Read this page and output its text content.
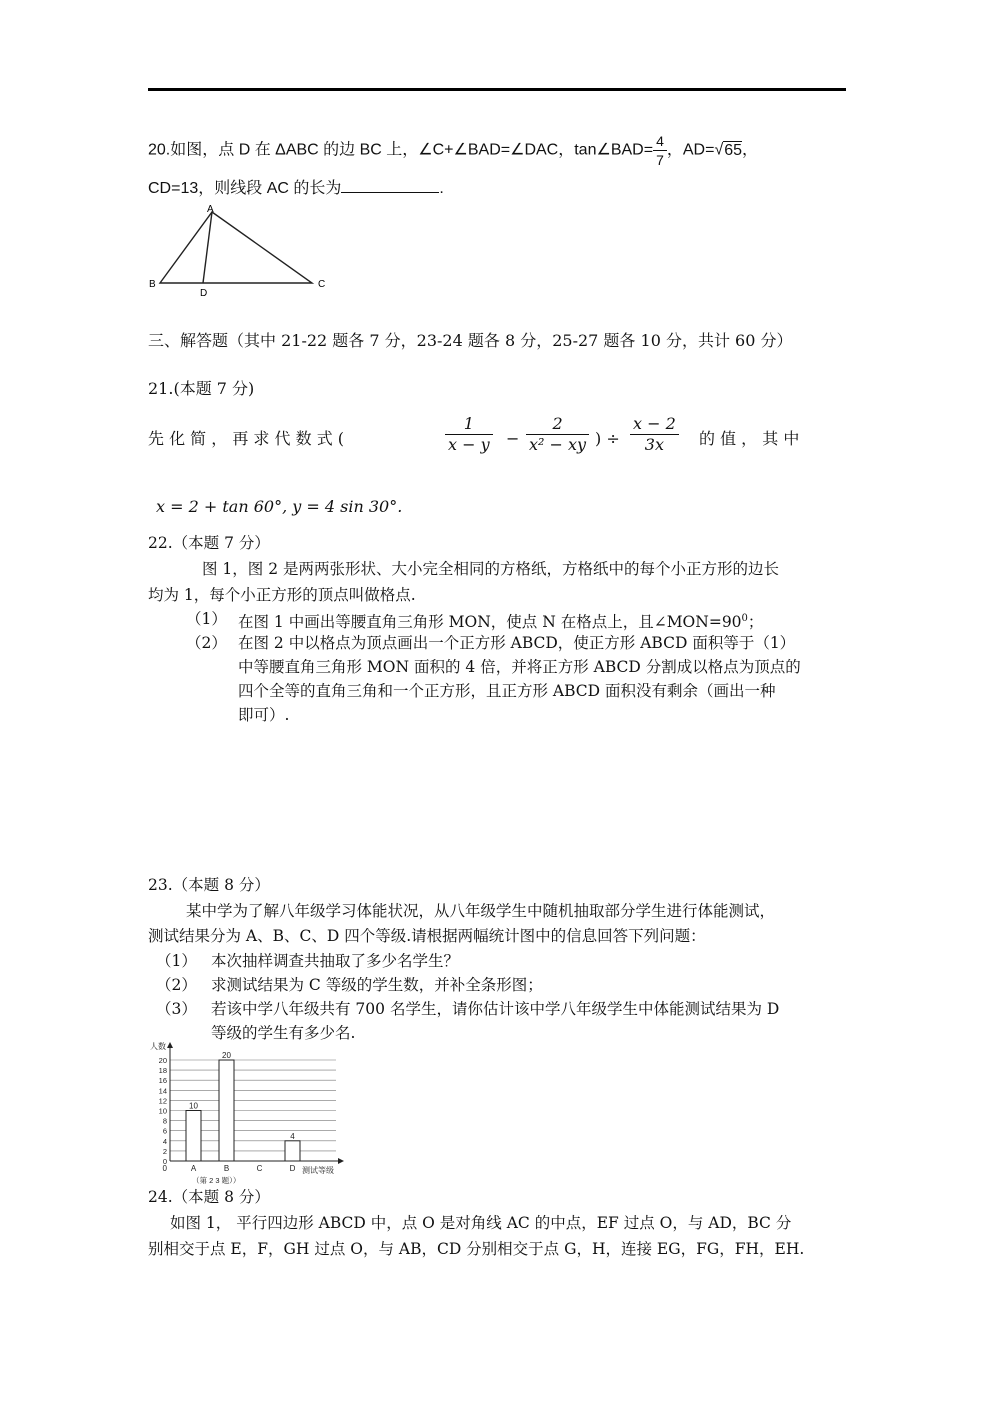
20.如图，点 D 在 ΔABC 的边 BC 上，∠C+∠BAD=∠DAC，tan∠BAD= $\frac{4}{7}$ ，AD=√65，
CD=13，则线段 AC 的长为	.
A
B	C
D
三、解答题（其中 21-22 题各 7 分，23-24 题各 8 分，25-27 题各 10 分，共计 60 分）
21.(本题 7 分)
先 化 简 ， 再 求 代 数 式 (	$\frac{1}{x - y} - \frac{2}{\text{x² − xy}}$ ) ÷ $\frac{x - 2}{3x}$ 的 值 ， 其 中
x = 2 + tan 60°, y = 4 sin 30°.
22.（本题 7 分）
图 1，图 2 是两两张形状、大小完全相同的方格纸，方格纸中的每个小正方形的边长
均为 1，每个小正方形的顶点叫做格点.
（1） 在图 1 中画出等腰直角三角形 MON，使点 N 在格点上，且$\angle MON=90^0$；
（2） 在图 2 中以格点为顶点画出一个正方形 ABCD，使正方形 ABCD 面积等于（1）
中等腰直角三角形 MON 面积的 4 倍，并将正方形 ABCD 分割成以格点为顶点的
四个全等的直角三角和一个正方形，且正方形 ABCD 面积没有剩余（画出一种
即可）.
23.（本题 8 分）
某中学为了解八年级学习体能状况，从八年级学生中随机抽取部分学生进行体能测试，
测试结果分为 A、B、C、D 四个等级.请根据两幅统计图中的信息回答下列问题：
（1） 本次抽样调查共抽取了多少名学生？
（2） 求测试结果为 C 等级的学生数，并补全条形图；
（3） 若该中学八年级共有 700 名学生，请你估计该中学八年级学生中体能测试结果为 D
等级的学生有多少名.
0
2
4
6
8
10
12
14
16
18
20
人数
A
10
B
20
C	D
4
0	测试等级
（第 2 3 题））
24.（本题 8 分）
如图 1， 平行四边形 ABCD 中，点 O 是对角线 AC 的中点，EF 过点 O，与 AD，BC 分
别相交于点 E，F，GH 过点 O，与 AB，CD 分别相交于点 G，H，连接 EG，FG，FH，EH.
